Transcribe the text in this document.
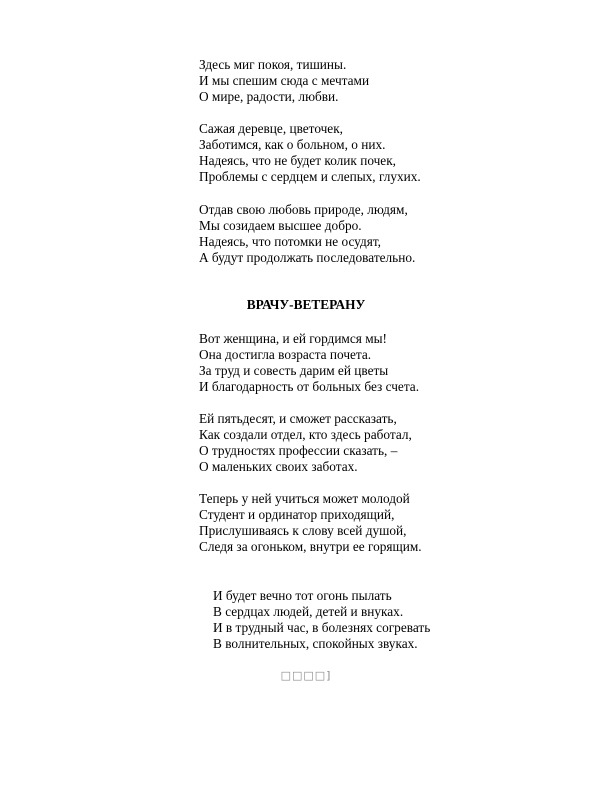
Здесь миг покоя, тишины.
И мы спешим сюда с мечтами
О мире, радости, любви.
Сажая деревце, цветочек,
Заботимся, как о больном, о них.
Надеясь, что не будет колик почек,
Проблемы с сердцем и слепых, глухих.
Отдав свою любовь природе, людям,
Мы созидаем высшее добро.
Надеясь, что потомки не осудят,
А будут продолжать последовательно.
ВРАЧУ-ВЕТЕРАНУ
Вот женщина, и ей гордимся мы!
Она достигла возраста почета.
За труд и совесть дарим ей цветы
И благодарность от больных без счета.
Ей пятьдесят, и сможет рассказать,
Как создали отдел, кто здесь работал,
О трудностях профессии сказать, –
О маленьких своих заботах.
Теперь у ней учиться может молодой
Студент и ординатор приходящий,
Прислушиваясь к слову всей душой,
Следя за огоньком, внутри ее горящим.
И будет вечно тот огонь пылать
В сердцах людей, детей и внуках.
И в трудный час, в болезнях согревать
В волнительных, спокойных звуках.
□□□□]
